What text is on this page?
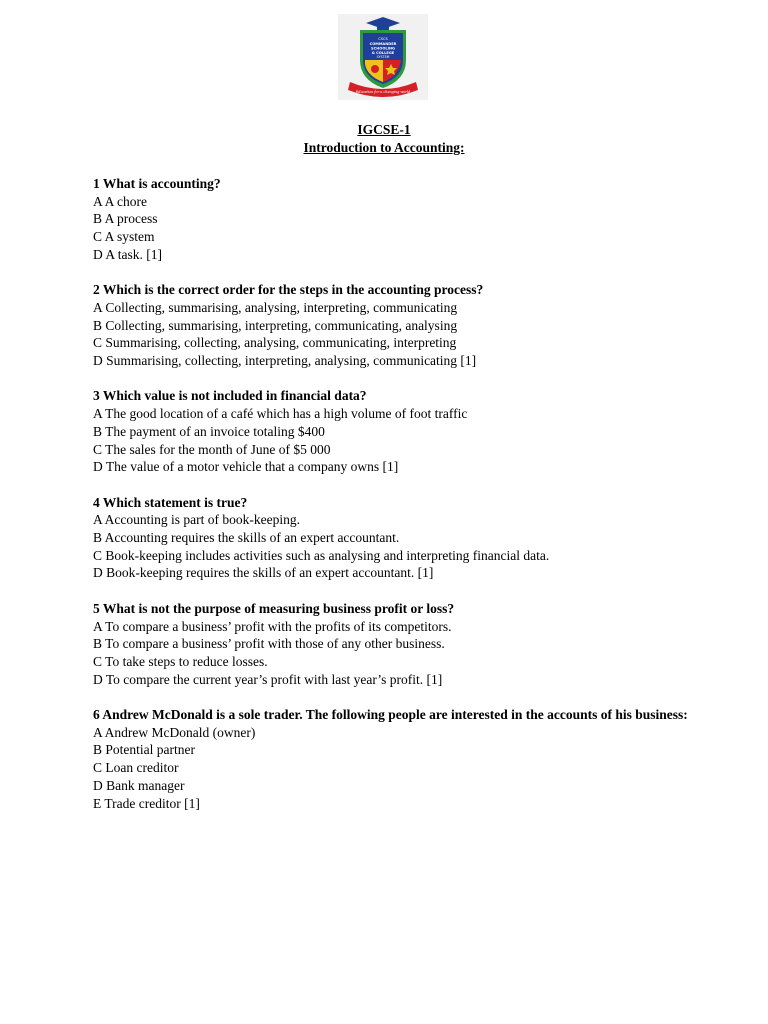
CSCS
COMMANDER
SCHOOLING
& COLLEGE
SYSTEM
Education for a changing world
IGCSE-1
Introduction to Accounting:
1 What is accounting?
A A chore
B A process
C A system
D A task. [1]
2 Which is the correct order for the steps in the accounting process?
A Collecting, summarising, analysing, interpreting, communicating
B Collecting, summarising, interpreting, communicating, analysing
C Summarising, collecting, analysing, communicating, interpreting
D Summarising, collecting, interpreting, analysing, communicating [1]
3 Which value is not included in financial data?
A The good location of a café which has a high volume of foot traffic
B The payment of an invoice totaling $400
C The sales for the month of June of $5 000
D The value of a motor vehicle that a company owns [1]
4 Which statement is true?
A Accounting is part of book-keeping.
B Accounting requires the skills of an expert accountant.
C Book-keeping includes activities such as analysing and interpreting financial data.
D Book-keeping requires the skills of an expert accountant. [1]
5 What is not the purpose of measuring business profit or loss?
A To compare a business’ profit with the profits of its competitors.
B To compare a business’ profit with those of any other business.
C To take steps to reduce losses.
D To compare the current year’s profit with last year’s profit. [1]
6 Andrew McDonald is a sole trader. The following people are interested in the accounts of his business:
A Andrew McDonald (owner)
B Potential partner
C Loan creditor
D Bank manager
E Trade creditor [1]
